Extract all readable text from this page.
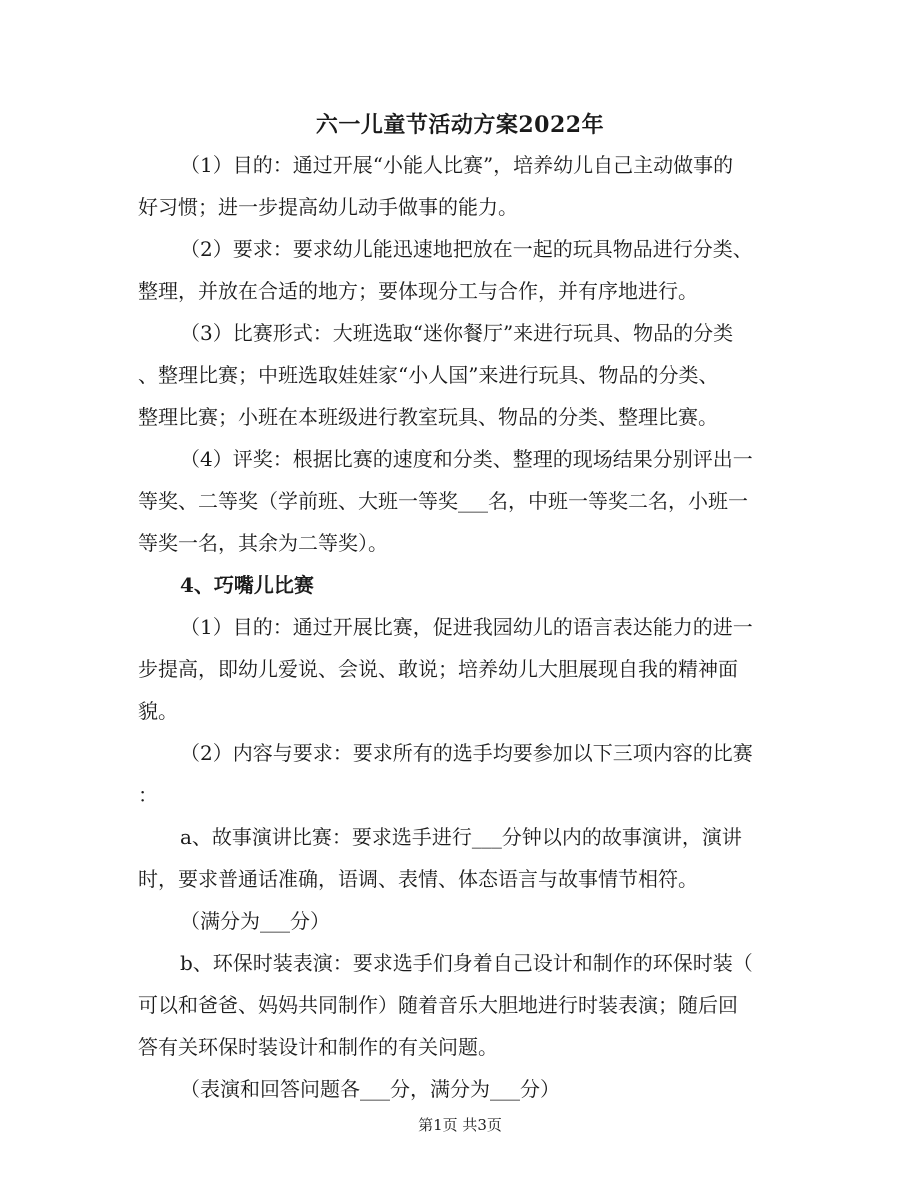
六一儿童节活动方案2022年
（1）目的：通过开展“小能人比赛”，培养幼儿自己主动做事的
好习惯；进一步提高幼儿动手做事的能力。
（2）要求：要求幼儿能迅速地把放在一起的玩具物品进行分类、
整理，并放在合适的地方；要体现分工与合作，并有序地进行。
（3）比赛形式：大班选取“迷你餐厅”来进行玩具、物品的分类
、整理比赛；中班选取娃娃家“小人国”来进行玩具、物品的分类、
整理比赛；小班在本班级进行教室玩具、物品的分类、整理比赛。
（4）评奖：根据比赛的速度和分类、整理的现场结果分别评出一
等奖、二等奖（学前班、大班一等奖___名，中班一等奖二名，小班一
等奖一名，其余为二等奖）。
4、巧嘴儿比赛
（1）目的：通过开展比赛，促进我园幼儿的语言表达能力的进一
步提高，即幼儿爱说、会说、敢说；培养幼儿大胆展现自我的精神面
貌。
（2）内容与要求：要求所有的选手均要参加以下三项内容的比赛
：
a、故事演讲比赛：要求选手进行___分钟以内的故事演讲，演讲
时，要求普通话准确，语调、表情、体态语言与故事情节相符。
（满分为___分）
b、环保时装表演：要求选手们身着自己设计和制作的环保时装（
可以和爸爸、妈妈共同制作）随着音乐大胆地进行时装表演；随后回
答有关环保时装设计和制作的有关问题。
（表演和回答问题各___分，满分为___分）
第1页 共3页
